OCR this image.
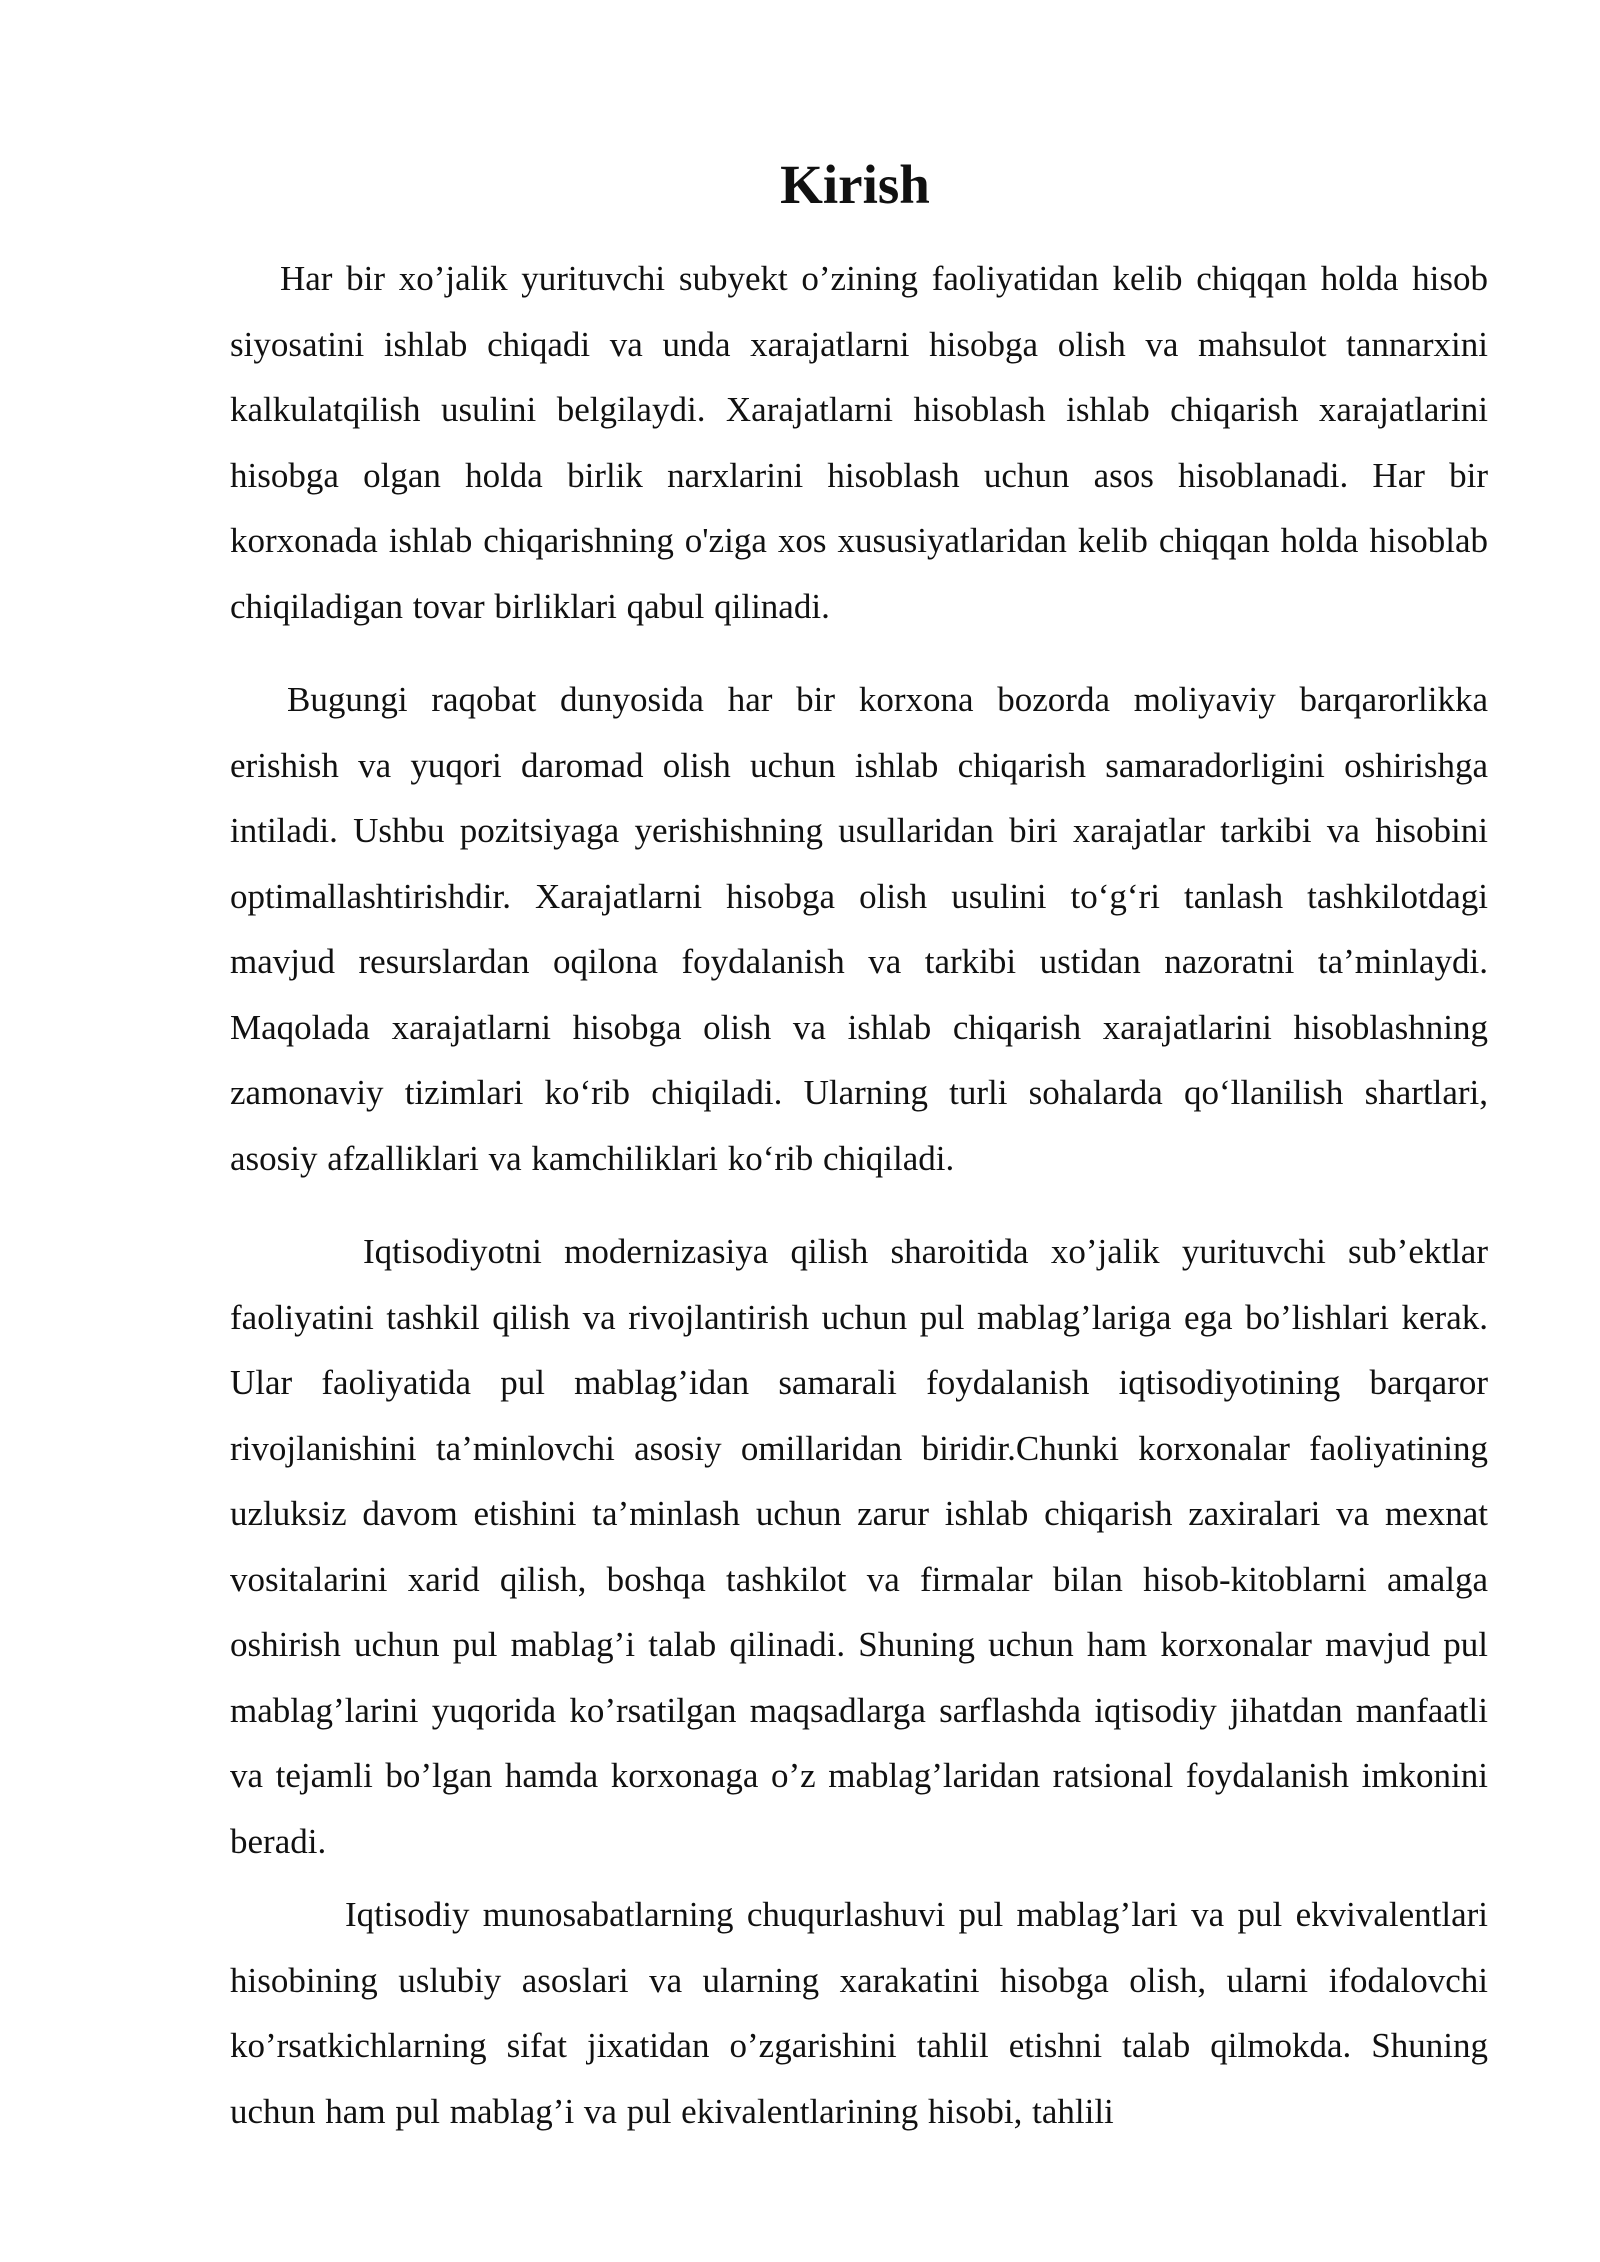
Kirish

Har bir xo’jalik yurituvchi subyekt o’zining faoliyatidan kelib chiqqan holda hisob siyosatini ishlab chiqadi va unda xarajatlarni hisobga olish va mahsulot tannarxini kalkulatqilish usulini belgilaydi. Xarajatlarni hisoblash ishlab chiqarish xarajatlarini hisobga olgan holda birlik narxlarini hisoblash uchun asos hisoblanadi. Har bir korxonada ishlab chiqarishning o'ziga xos xususiyatlaridan kelib chiqqan holda hisoblab chiqiladigan tovar birliklari qabul qilinadi.

Bugungi raqobat dunyosida har bir korxona bozorda moliyaviy barqarorlikka erishish va yuqori daromad olish uchun ishlab chiqarish samaradorligini oshirishga intiladi. Ushbu pozitsiyaga yerishishning usullaridan biri xarajatlar tarkibi va hisobini optimallashtirishdir. Xarajatlarni hisobga olish usulini to‘g‘ri tanlash tashkilotdagi mavjud resurslardan oqilona foydalanish va tarkibi ustidan nazoratni ta’minlaydi. Maqolada xarajatlarni hisobga olish va ishlab chiqarish xarajatlarini hisoblashning zamonaviy tizimlari ko‘rib chiqiladi. Ularning turli sohalarda qo‘llanilish shartlari, asosiy afzalliklari va kamchiliklari ko‘rib chiqiladi.

Iqtisodiyotni modernizasiya qilish sharoitida xo’jalik yurituvchi sub’ektlar faoliyatini tashkil qilish va rivojlantirish uchun pul mablag’lariga ega bo’lishlari kerak. Ular faoliyatida pul mablag’idan samarali foydalanish iqtisodiyotining barqaror rivojlanishini ta’minlovchi asosiy omillaridan biridir.Chunki korxonalar faoliyatining uzluksiz davom etishini ta’minlash uchun zarur ishlab chiqarish zaxiralari va mexnat vositalarini xarid qilish, boshqa tashkilot va firmalar bilan hisob-kitoblarni amalga oshirish uchun pul mablag’i talab qilinadi. Shuning uchun ham korxonalar mavjud pul mablag’larini yuqorida ko’rsatilgan maqsadlarga sarflashda iqtisodiy jihatdan manfaatli va tejamli bo’lgan hamda korxonaga o’z mablag’laridan ratsional foydalanish imkonini beradi.

Iqtisodiy munosabatlarning chuqurlashuvi pul mablag’lari va pul ekvivalentlari hisobining uslubiy asoslari va ularning xarakatini hisobga olish, ularni ifodalovchi ko’rsatkichlarning sifat jixatidan o’zgarishini tahlil etishni talab qilmokda. Shuning uchun ham pul mablag’i va pul ekivalentlarining hisobi, tahlili
